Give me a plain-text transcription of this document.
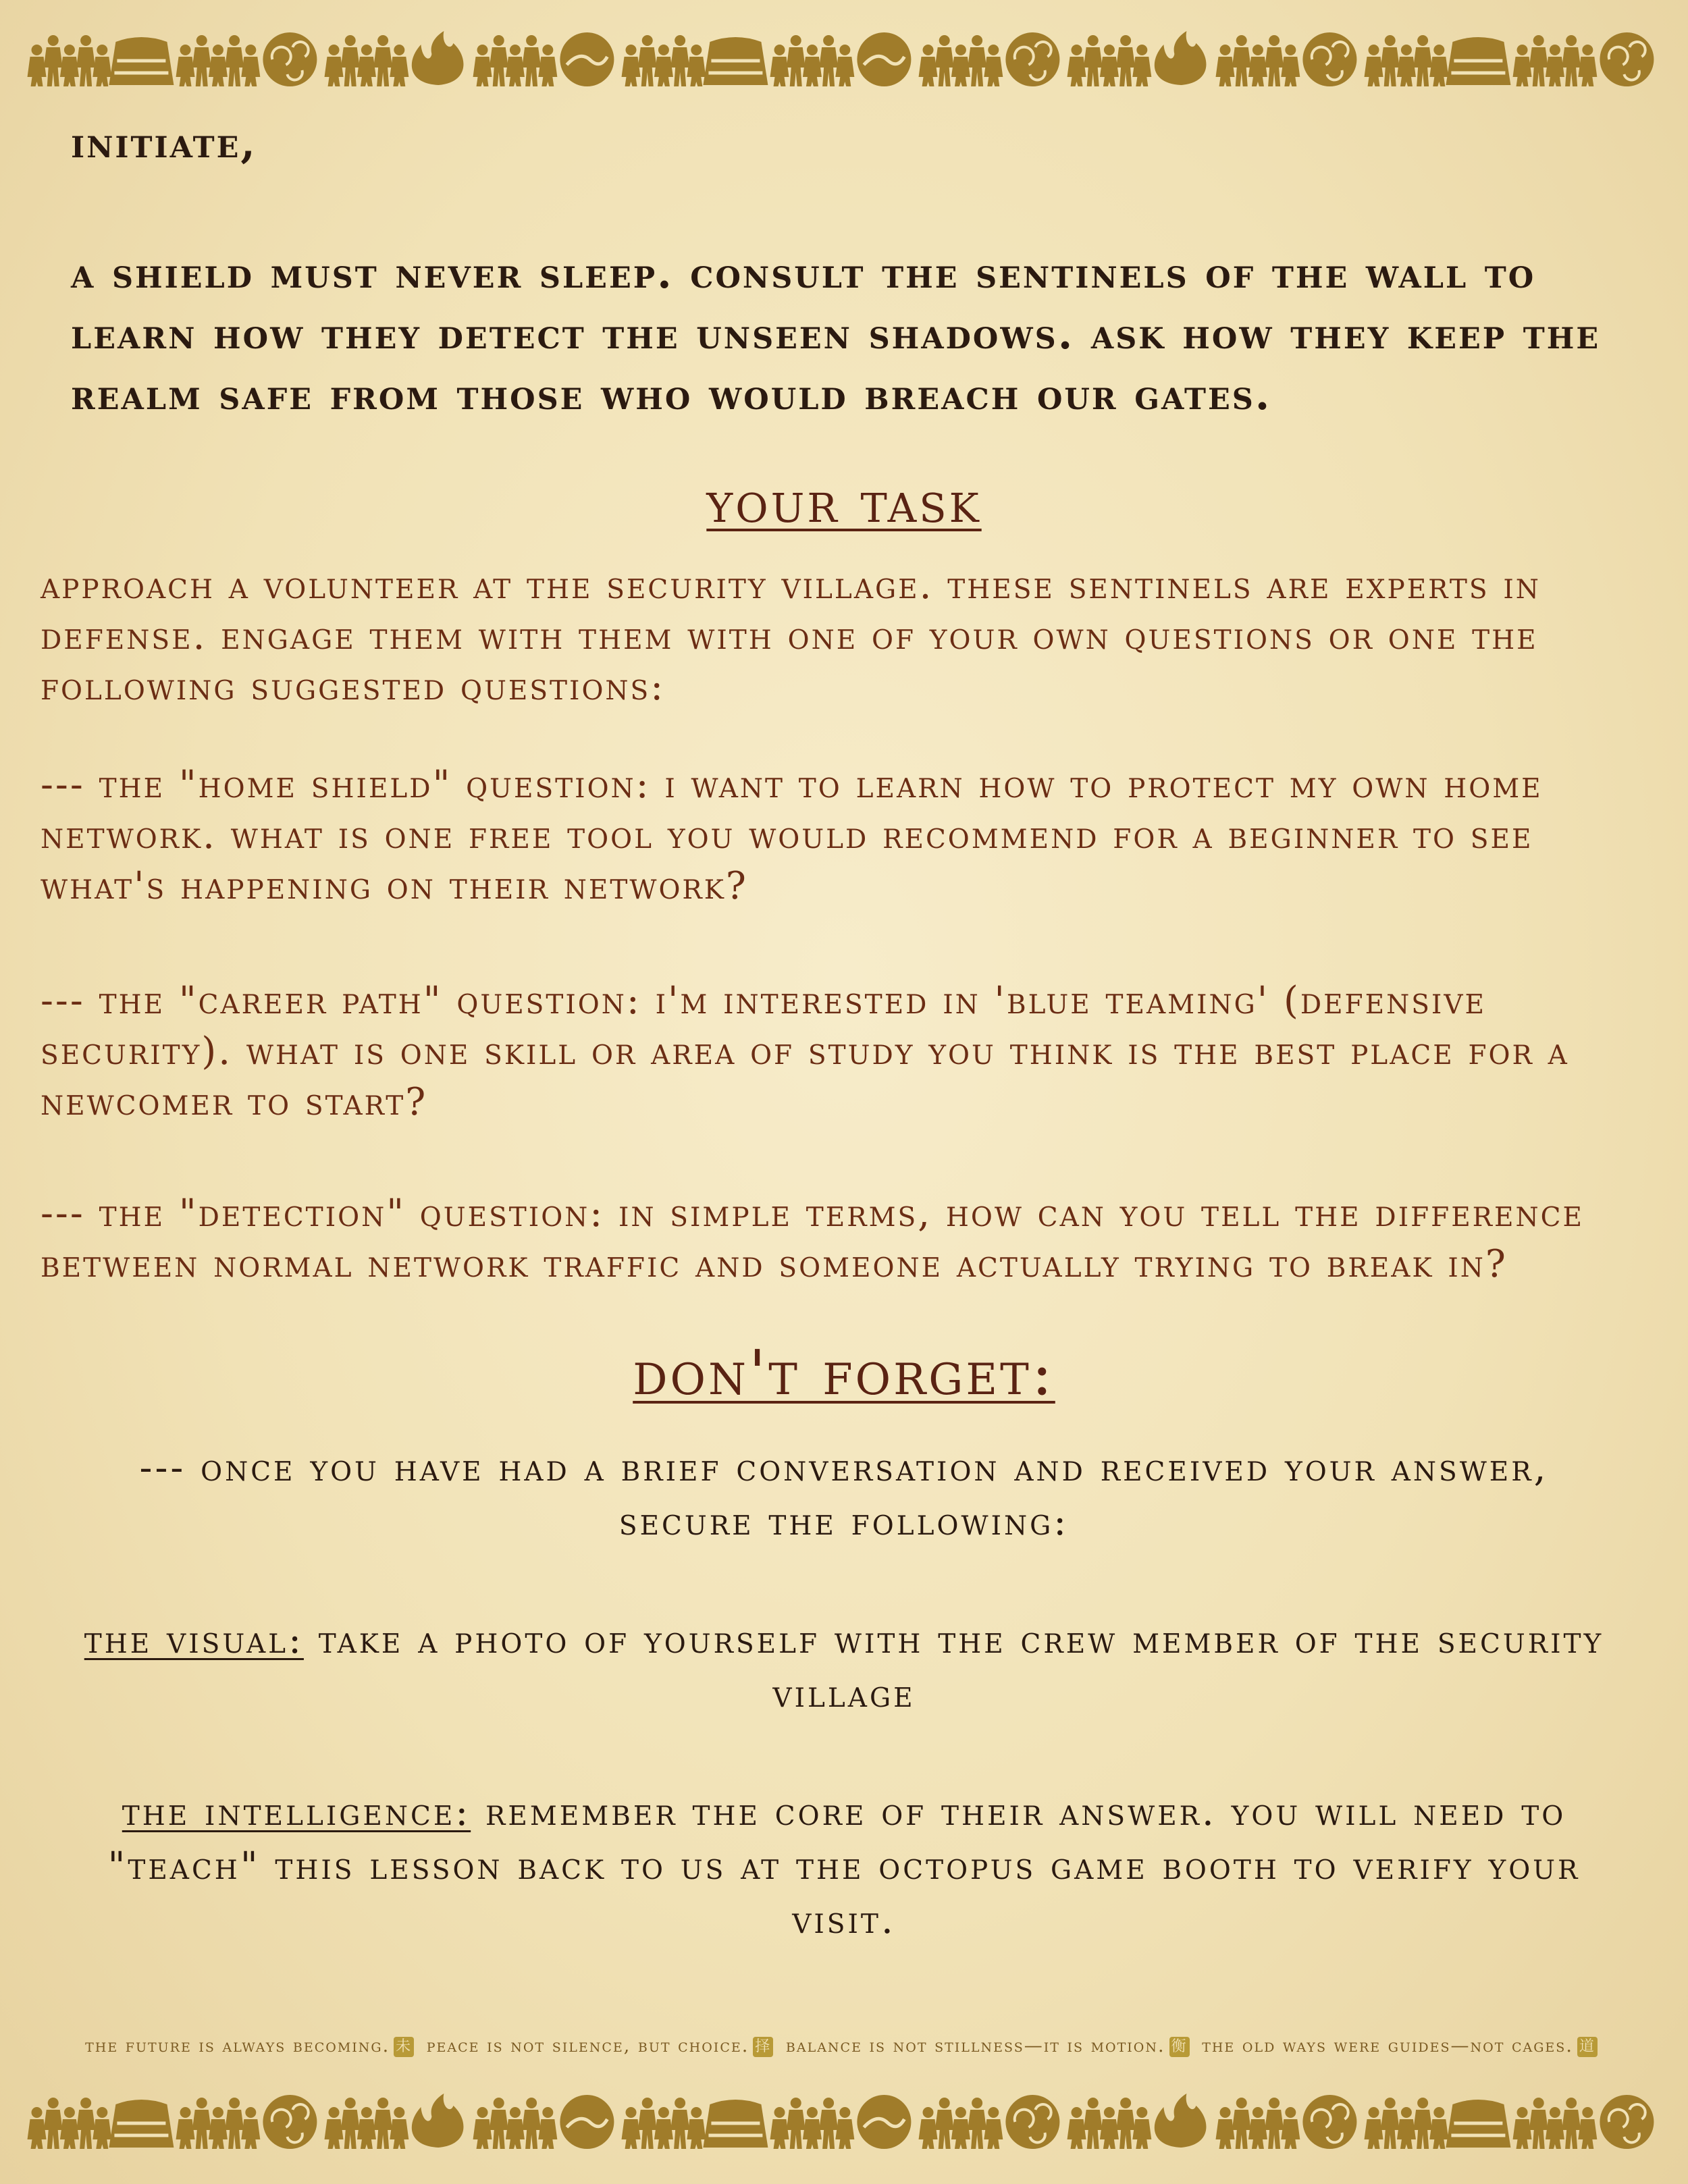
initiate,
a shield must never sleep. consult the sentinels of the wall to learn how they detect the unseen shadows. ask how they keep the realm safe from those who would breach our gates.
your task
approach a volunteer at the security village. these sentinels are experts in defense. engage them with them with one of your own questions or one the following suggested questions:
--- the "home shield" question: i want to learn how to protect my own home network. what is one free tool you would recommend for a beginner to see what's happening on their network?
--- the "career path" question: i'm interested in 'blue teaming' (defensive security). what is one skill or area of study you think is the best place for a newcomer to start?
--- the "detection" question: in simple terms, how can you tell the difference between normal network traffic and someone actually trying to break in?
don't forget:
--- once you have had a brief conversation and received your answer, secure the following:
the visual: take a photo of yourself with the crew member of the security village
the intelligence: remember the core of their answer. you will need to "teach" this lesson back to us at the octopus game booth to verify your visit.
the future is always becoming. 未 peace is not silence, but choice. 择 balance is not stillness—it is motion. 衡 the old ways were guides—not cages. 道
